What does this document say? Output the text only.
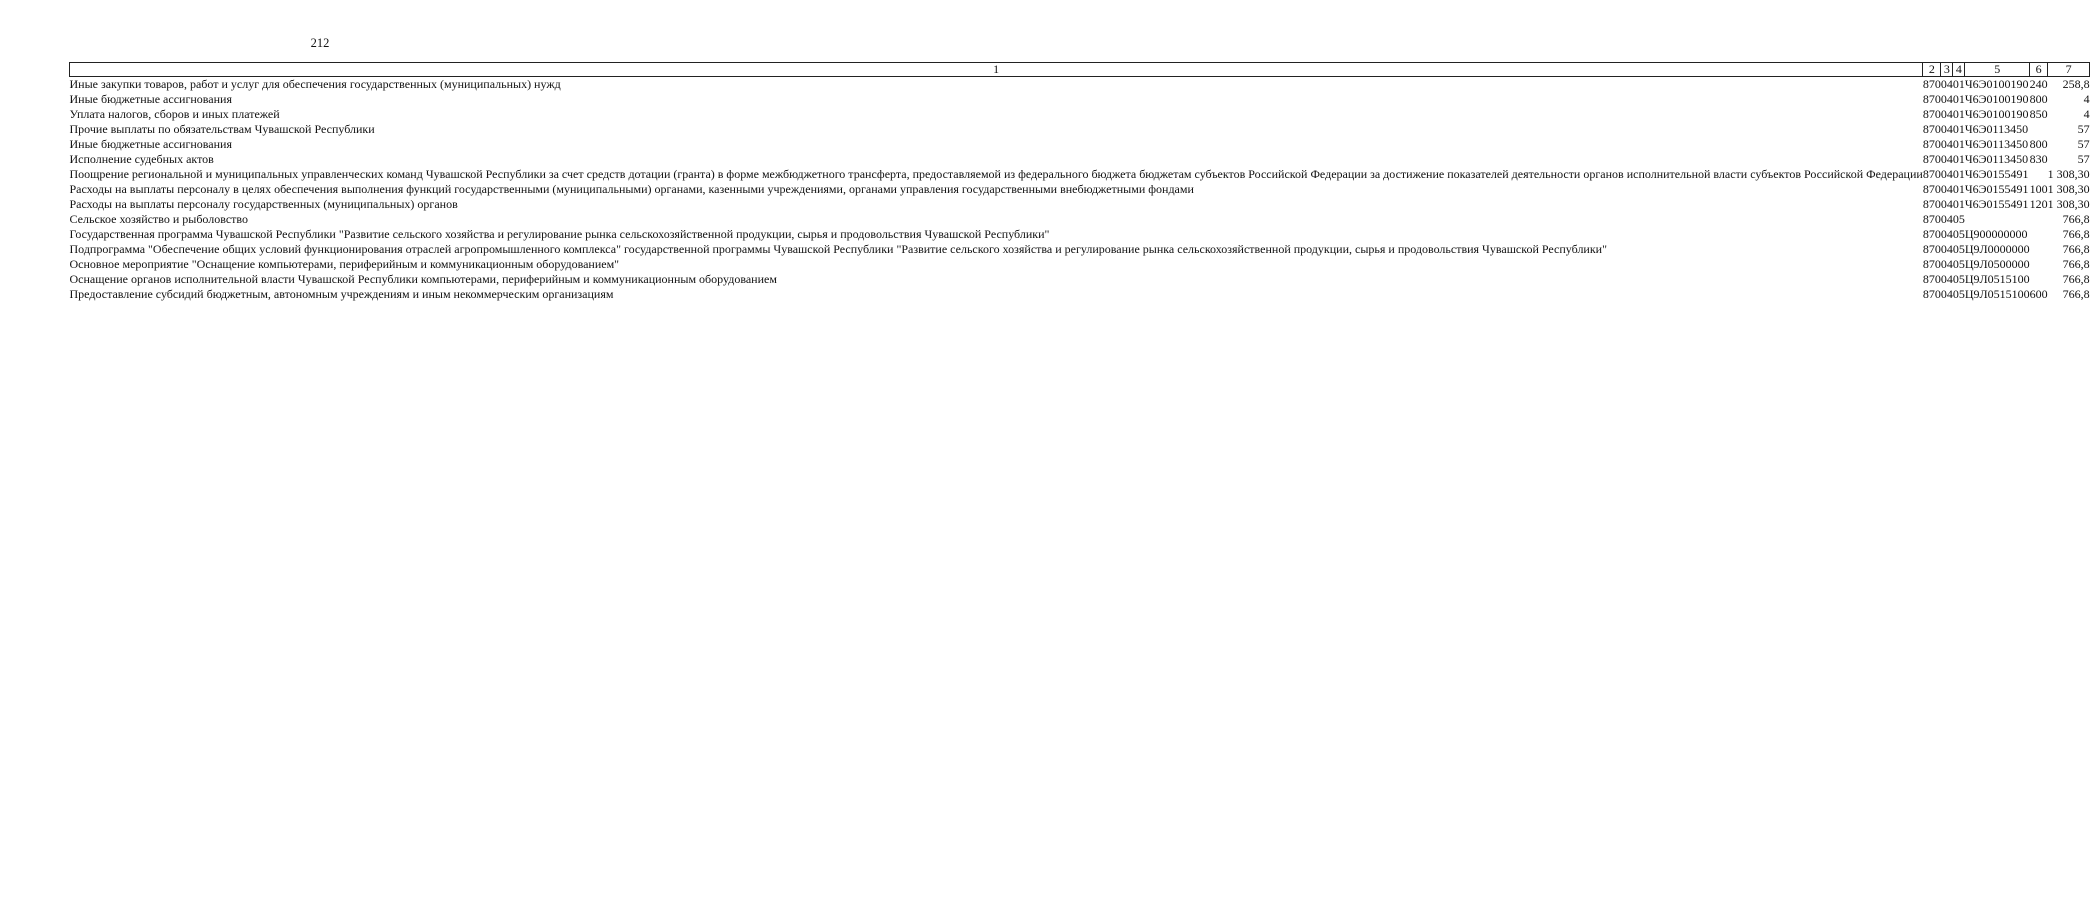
212
1	2	3	4	5	6	7
Иные закупки товаров, работ и услуг для обеспечения государственных (муниципальных) нужд	870	04	01	Ч6Э0100190	240	258,8
Иные бюджетные ассигнования	870	04	01	Ч6Э0100190	800	4
Уплата налогов, сборов и иных платежей	870	04	01	Ч6Э0100190	850	4
Прочие выплаты по обязательствам Чувашской Республики	870	04	01	Ч6Э0113450		57
Иные бюджетные ассигнования	870	04	01	Ч6Э0113450	800	57
Исполнение судебных актов	870	04	01	Ч6Э0113450	830	57
Поощрение региональной и муниципальных управленческих команд Чувашской Республики за счет средств дотации (гранта) в форме межбюджетного трансферта, предоставляемой из федерального бюджета бюджетам субъектов Российской Федерации за достижение показателей деятельности органов исполнительной власти субъектов Российской Федерации	870	04	01	Ч6Э0155491		1 308,30
Расходы на выплаты персоналу в целях обеспечения выполнения функций государственными (муниципальными) органами, казенными учреждениями, органами управления государственными внебюджетными фондами	870	04	01	Ч6Э0155491	100	1 308,30
Расходы на выплаты персоналу государственных (муниципальных) органов	870	04	01	Ч6Э0155491	120	1 308,30
Сельское хозяйство и рыболовство	870	04	05			766,8
Государственная программа Чувашской Республики "Развитие сельского хозяйства и регулирование рынка сельскохозяйственной продукции, сырья и продовольствия Чувашской Республики"	870	04	05	Ц900000000		766,8
Подпрограмма "Обеспечение общих условий функционирования отраслей агропромышленного комплекса" государственной программы Чувашской Республики "Развитие сельского хозяйства и регулирование рынка сельскохозяйственной продукции, сырья и продовольствия Чувашской Республики"	870	04	05	Ц9Л0000000		766,8
Основное мероприятие "Оснащение компьютерами, периферийным и коммуникационным оборудованием"	870	04	05	Ц9Л0500000		766,8
Оснащение органов исполнительной власти Чувашской Республики компьютерами, периферийным и коммуникационным оборудованием	870	04	05	Ц9Л0515100		766,8
Предоставление субсидий бюджетным, автономным учреждениям и иным некоммерческим организациям	870	04	05	Ц9Л0515100	600	766,8
